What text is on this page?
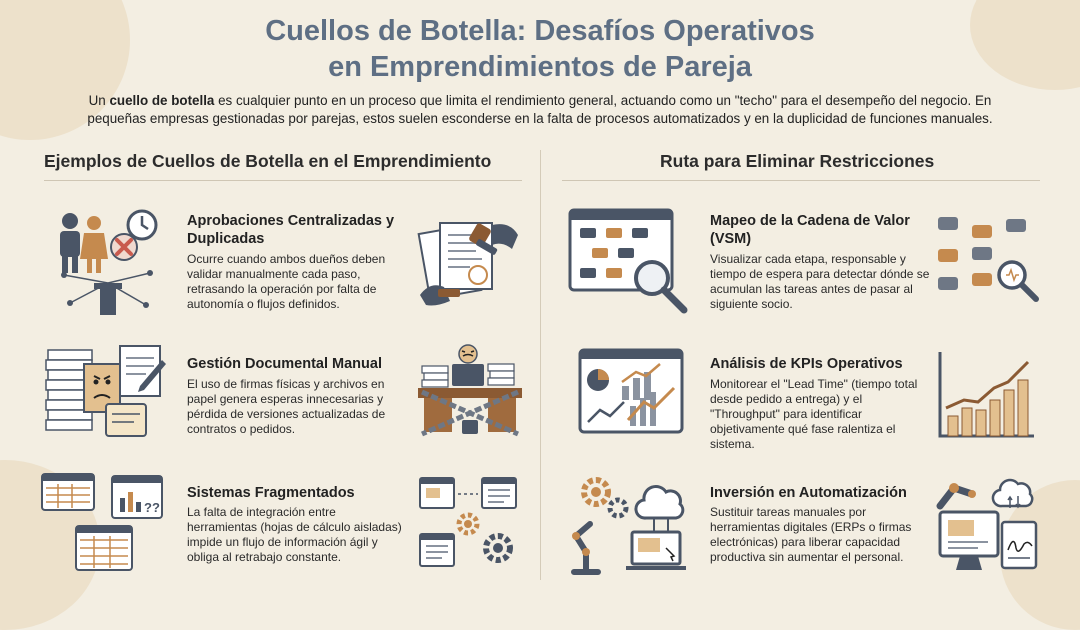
Cuellos de Botella: Desafíos Operativos
en Emprendimientos de Pareja
Un cuello de botella es cualquier punto en un proceso que limita el rendimiento general, actuando como un "techo" para el desempeño del negocio. En pequeñas empresas gestionadas por parejas, estos suelen esconderse en la falta de procesos automatizados y en la duplicidad de funciones manuales.
Ejemplos de Cuellos de Botella en el Emprendimiento	Ruta para Eliminar Restricciones
Aprobaciones Centralizadas y Duplicadas
Ocurre cuando ambos dueños deben validar manualmente cada paso, retrasando la operación por falta de autonomía o flujos definidos.
Gestión Documental Manual
El uso de firmas físicas y archivos en papel genera esperas innecesarias y pérdida de versiones actualizadas de contratos o pedidos.
??
Sistemas Fragmentados
La falta de integración entre herramientas (hojas de cálculo aisladas) impide un flujo de información ágil y obliga al retrabajo constante.
Mapeo de la Cadena de Valor (VSM)
Visualizar cada etapa, responsable y tiempo de espera para detectar dónde se acumulan las tareas antes de pasar al siguiente socio.
Análisis de KPIs Operativos
Monitorear el "Lead Time" (tiempo total desde pedido a entrega) y el "Throughput" para identificar objetivamente qué fase ralentiza el sistema.
Inversión en Automatización
Sustituir tareas manuales por herramientas digitales (ERPs o firmas electrónicas) para liberar capacidad productiva sin aumentar el personal.
